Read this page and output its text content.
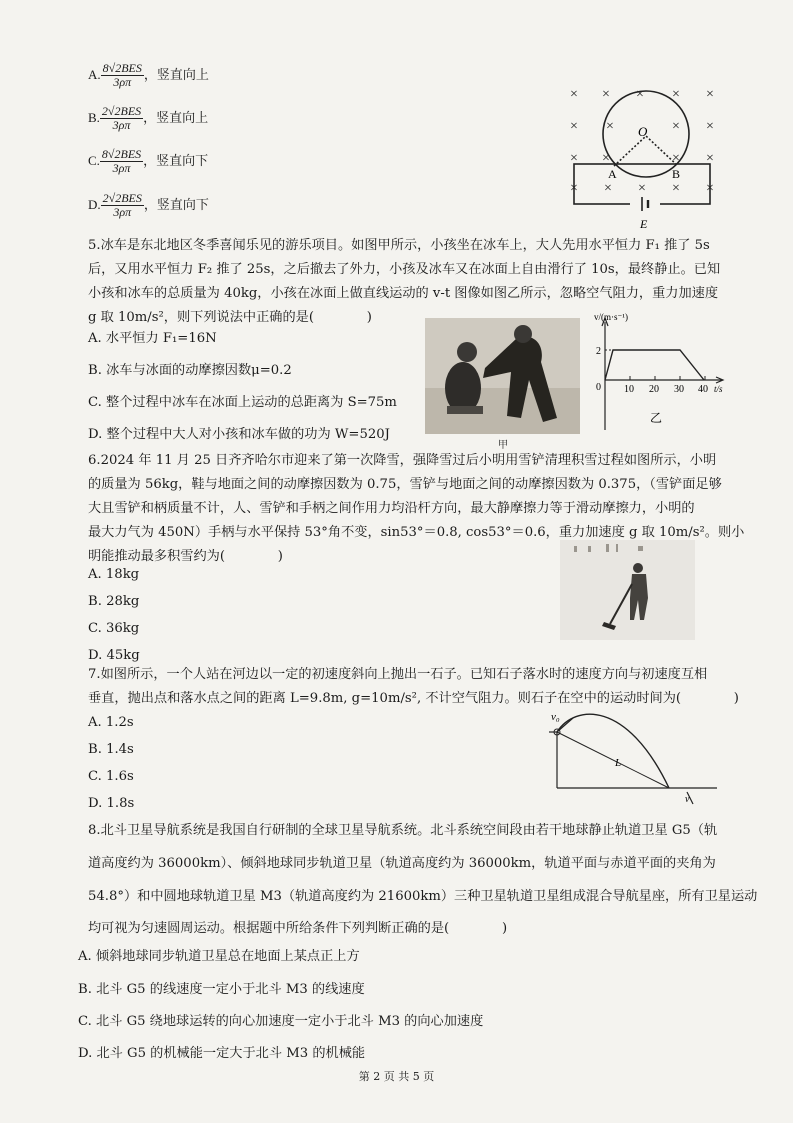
A. $\frac{\text{8√2BES}}{3\rho\pi}$ ，竖直向上
B. $\frac{\text{2√2BES}}{3\rho\pi}$ ，竖直向上
C. $\frac{\text{8√2BES}}{3\rho\pi}$ ，竖直向下
D. $\frac{\text{2√2BES}}{3\rho\pi}$ ，竖直向下
× × × × ×
× ×	× ×
× ×	× ×
× × × × ×
O
A	B
E
5.冰车是东北地区冬季喜闻乐见的游乐项目。如图甲所示，小孩坐在冰车上，大人先用水平恒力 F₁ 推了 5s
后，又用水平恒力 F₂ 推了 25s，之后撤去了外力，小孩及冰车又在冰面上自由滑行了 10s，最终静止。已知
小孩和冰车的总质量为 40kg，小孩在冰面上做直线运动的 v-t 图像如图乙所示，忽略空气阻力，重力加速度
g 取 10m/s²，则下列说法中正确的是(　　　　)
A. 水平恒力 F₁=16N
B. 冰车与冰面的动摩擦因数μ=0.2
C. 整个过程中冰车在冰面上运动的总距离为 S=75m
D. 整个过程中大人对小孩和冰车做的功为 W=520J
甲
v/(m·s⁻¹)
t/s
2
0 10 20 30 40
乙
6.2024 年 11 月 25 日齐齐哈尔市迎来了第一次降雪，强降雪过后小明用雪铲清理积雪过程如图所示，小明
的质量为 56kg，鞋与地面之间的动摩擦因数为 0.75，雪铲与地面之间的动摩擦因数为 0.375，（雪铲面足够
大且雪铲和柄质量不计，人、雪铲和手柄之间作用力均沿杆方向，最大静摩擦力等于滑动摩擦力，小明的
最大力气为 450N）手柄与水平保持 53°角不变，sin53°＝0.8, cos53°＝0.6，重力加速度 g 取 10m/s²。则小
明能推动最多积雪约为(　　　　)
A. 18kg
B. 28kg
C. 36kg
D. 45kg
7.如图所示，一个人站在河边以一定的初速度斜向上抛出一石子。已知石子落水时的速度方向与初速度互相
垂直，抛出点和落水点之间的距离 L=9.8m, g=10m/s², 不计空气阻力。则石子在空中的运动时间为(　　　　)
A. 1.2s
B. 1.4s
C. 1.6s
D. 1.8s
v₀
L
v
8.北斗卫星导航系统是我国自行研制的全球卫星导航系统。北斗系统空间段由若干地球静止轨道卫星 G5（轨
道高度约为 36000km）、倾斜地球同步轨道卫星（轨道高度约为 36000km，轨道平面与赤道平面的夹角为
54.8°）和中圆地球轨道卫星 M3（轨道高度约为 21600km）三种卫星轨道卫星组成混合导航星座，所有卫星运动
均可视为匀速圆周运动。根据题中所给条件下列判断正确的是(　　　　)
A. 倾斜地球同步轨道卫星总在地面上某点正上方
B. 北斗 G5 的线速度一定小于北斗 M3 的线速度
C. 北斗 G5 绕地球运转的向心加速度一定小于北斗 M3 的向心加速度
D. 北斗 G5 的机械能一定大于北斗 M3 的机械能
第 2 页 共 5 页
